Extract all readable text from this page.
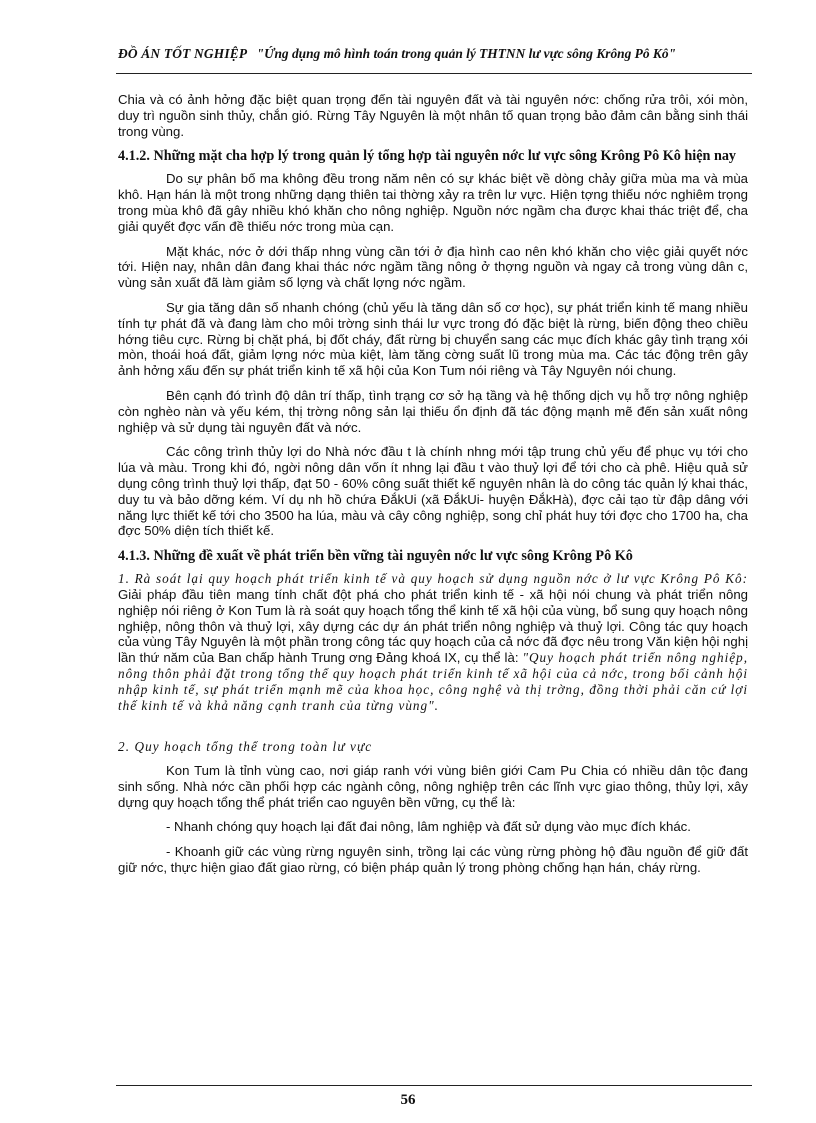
ĐỒ ÁN TỐT NGHIỆP "Ứng dụng mô hình toán trong quản lý THTNN lư vực sông Krông Pô Kô"

Chia và có ảnh hởng đặc biệt quan trọng đến tài nguyên đất và tài nguyên nớc: chống rửa trôi, xói mòn, duy trì nguồn sinh thủy, chắn gió. Rừng Tây Nguyên là một nhân tố quan trọng bảo đảm cân bằng sinh thái trong vùng.

4.1.2. Những mặt cha hợp lý trong quản lý tổng hợp tài nguyên nớc lư vực sông Krông Pô Kô hiện nay

Do sự phân bố ma không đều trong năm nên có sự khác biệt về dòng chảy giữa mùa ma và mùa khô. Hạn hán là một trong những dạng thiên tai thờng xảy ra trên lư vực. Hiện tợng thiếu nớc nghiêm trọng trong mùa khô đã gây nhiều khó khăn cho nông nghiệp. Nguồn nớc ngầm cha được khai thác triệt để, cha giải quyết đợc vấn đề thiếu nớc trong mùa cạn.

Mặt khác, nớc ở dới thấp nhng vùng cần tới ở địa hình cao nên khó khăn cho việc giải quyết nớc tới. Hiện nay, nhân dân đang khai thác nớc ngầm tầng nông ở thợng nguồn và ngay cả trong vùng dân c, vùng sản xuất đã làm giảm số lợng và chất lợng nớc ngầm.

Sự gia tăng dân số nhanh chóng (chủ yếu là tăng dân số cơ học), sự phát triển kinh tế mang nhiều tính tự phát đã và đang làm cho môi trờng sinh thái lư vực trong đó đặc biệt là rừng, biến động theo chiều hớng tiêu cực. Rừng bị chặt phá, bị đốt cháy, đất rừng bị chuyển sang các mục đích khác gây tình trạng xói mòn, thoái hoá đất, giảm lợng nớc mùa kiệt, làm tăng cờng suất lũ trong mùa ma. Các tác động trên gây ảnh hởng xấu đến sự phát triển kinh tế xã hội của Kon Tum nói riêng và Tây Nguyên nói chung.

Bên cạnh đó trình độ dân trí thấp, tình trạng cơ sở hạ tầng và hệ thống dịch vụ hỗ trợ nông nghiệp còn nghèo nàn và yếu kém, thị trờng nông sản lại thiếu ổn định đã tác động mạnh mẽ đến sản xuất nông nghiệp và sử dụng tài nguyên đất và nớc.

Các công trình thủy lợi do Nhà nớc đầu t là chính nhng mới tập trung chủ yếu để phục vụ tới cho lúa và màu. Trong khi đó, ngời nông dân vốn ít nhng lại đầu t vào thuỷ lợi để tới cho cà phê. Hiệu quả sử dụng công trình thuỷ lợi thấp, đạt 50 - 60% công suất thiết kế nguyên nhân là do công tác quản lý khai thác, duy tu và bảo dỡng kém. Ví dụ nh hồ chứa ĐắkUi (xã ĐắkUi- huyện ĐắkHà), đợc cải tạo từ đập dâng với năng lực thiết kế tới cho 3500 ha lúa, màu và cây công nghiệp, song chỉ phát huy tới đợc cho 1700 ha, cha đợc 50% diện tích thiết kế.

4.1.3. Những đề xuất về phát triển bền vững tài nguyên nớc lư vực sông Krông Pô Kô

1. Rà soát lại quy hoạch phát triển kinh tế và quy hoạch sử dụng nguồn nớc ở lư vực Krông Pô Kô: Giải pháp đầu tiên mang tính chất đột phá cho phát triển kinh tế - xã hội nói chung và phát triển nông nghiệp nói riêng ở Kon Tum là rà soát quy hoạch tổng thể kinh tế xã hội của vùng, bổ sung quy hoạch nông nghiệp, nông thôn và thuỷ lợi, xây dựng các dự án phát triển nông nghiệp và thuỷ lợi. Công tác quy hoạch của vùng Tây Nguyên là một phần trong công tác quy hoạch của cả nớc đã đợc nêu trong Văn kiện hội nghị lần thứ năm của Ban chấp hành Trung ơng Đảng khoá IX, cụ thể là: "Quy hoạch phát triển nông nghiệp, nông thôn phải đặt trong tổng thể quy hoạch phát triển kinh tế xã hội của cả nớc, trong bối cảnh hội nhập kinh tế, sự phát triển mạnh mẽ của khoa học, công nghệ và thị trờng, đồng thời phải căn cứ lợi thế kinh tế và khả năng cạnh tranh của từng vùng".

2. Quy hoạch tổng thể trong toàn lư vực

Kon Tum là tỉnh vùng cao, nơi giáp ranh với vùng biên giới Cam Pu Chia có nhiều dân tộc đang sinh sống. Nhà nớc cần phối hợp các ngành công, nông nghiệp trên các lĩnh vực giao thông, thủy lợi, xây dựng quy hoạch tổng thể phát triển cao nguyên bền vững, cụ thể là:

- Nhanh chóng quy hoạch lại đất đai nông, lâm nghiệp và đất sử dụng vào mục đích khác.

- Khoanh giữ các vùng rừng nguyên sinh, trồng lại các vùng rừng phòng hộ đầu nguồn để giữ đất giữ nớc, thực hiện giao đất giao rừng, có biện pháp quản lý trong phòng chống hạn hán, cháy rừng.

56
